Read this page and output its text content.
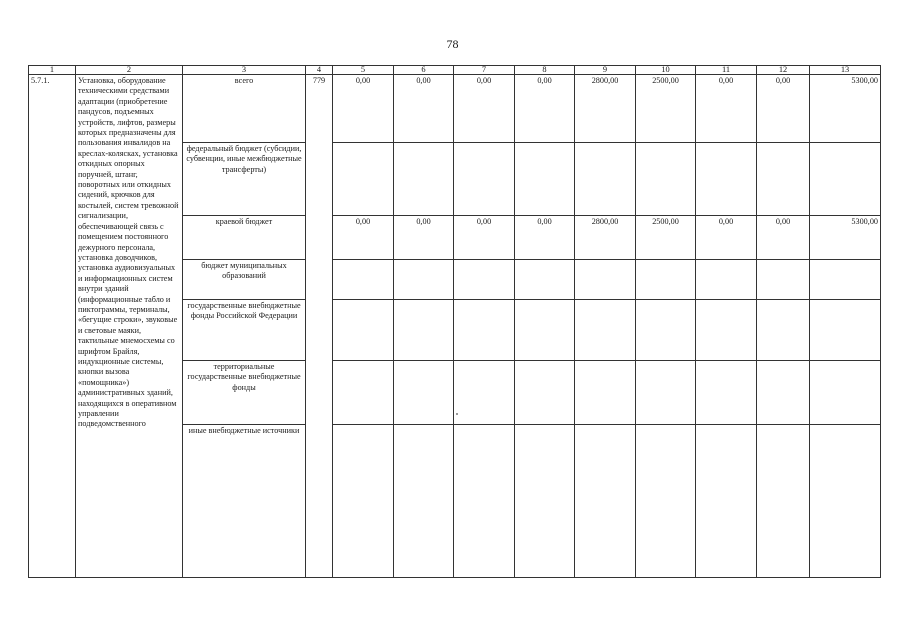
78
1	2	3	4	5	6	7	8	9	10	11	12	13
5.7.1.	Установка, оборудование техническими средствами адаптации (приобретение пандусов, подъемных устройств, лифтов, размеры которых предназначены для пользования инвалидов на креслах-колясках, установка откидных опорных поручней, штанг, поворотных или откидных сидений, крючков для костылей, систем тревожной сигнализации, обеспечивающей связь с помещением постоянного дежурного персонала, установка доводчиков, установка аудиовизуальных и информационных систем внутри зданий (информационные табло и пиктограммы, терминалы, «бегущие строки», звуковые и световые маяки, тактильные мнемосхемы со шрифтом Брайля, индукционные системы, кнопки вызова «помощника») административных зданий, находящихся в оперативном управлении подведомственного	всего	779	0,00	0,00	0,00	0,00	2800,00	2500,00	0,00	0,00	5300,00
		федеральный бюджет (субсидии, субвенции, иные межбюджетные трансферты)										
		краевой бюджет		0,00	0,00	0,00	0,00	2800,00	2500,00	0,00	0,00	5300,00
		бюджет муниципальных образований										
		государственные внебюджетные фонды Российской Федерации										
		территориальные государственные внебюджетные фонды										
		иные внебюджетные источники										
